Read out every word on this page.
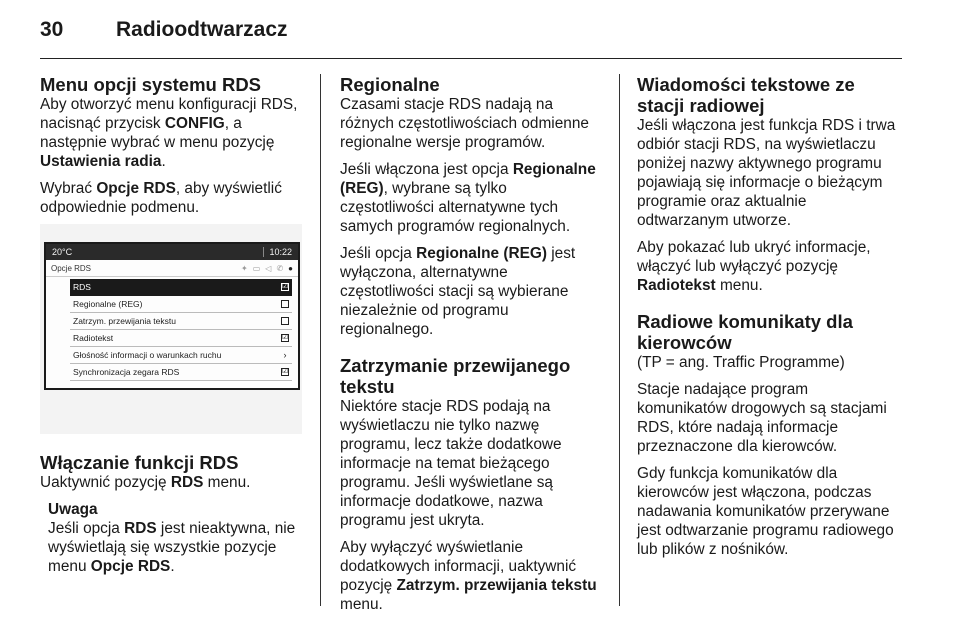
30	Radioodtwarzacz
Menu opcji systemu RDS

Aby otworzyć menu konfiguracji RDS, nacisnąć przycisk CONFIG, a następnie wybrać w menu pozycję Ustawienia radia.

Wybrać Opcje RDS, aby wyświetlić odpowiednie podmenu.

20°C	10:22
Opcje RDS	✦ ▭ ◁ ✆ ●
RDS	☑
Regionalne (REG)
Zatrzym. przewijania tekstu
Radiotekst	☑
Głośność informacji o warunkach ruchu	›
Synchronizacja zegara RDS	☑
Włączanie funkcji RDS

Uaktywnić pozycję RDS menu.

Uwaga

Jeśli opcja RDS jest nieaktywna, nie wyświetlają się wszystkie pozycje menu Opcje RDS.

Regionalne

Czasami stacje RDS nadają na różnych częstotliwościach odmienne regionalne wersje programów.

Jeśli włączona jest opcja Regionalne (REG), wybrane są tylko częstotliwości alternatywne tych samych programów regionalnych.

Jeśli opcja Regionalne (REG) jest wyłączona, alternatywne częstotliwości stacji są wybierane niezależnie od programu regionalnego.

Zatrzymanie przewijanego tekstu

Niektóre stacje RDS podają na wyświetlaczu nie tylko nazwę programu, lecz także dodatkowe informacje na temat bieżącego programu. Jeśli wyświetlane są informacje dodatkowe, nazwa programu jest ukryta.

Aby wyłączyć wyświetlanie dodatkowych informacji, uaktywnić pozycję Zatrzym. przewijania tekstu menu.

Wiadomości tekstowe ze stacji radiowej

Jeśli włączona jest funkcja RDS i trwa odbiór stacji RDS, na wyświetlaczu poniżej nazwy aktywnego programu pojawiają się informacje o bieżącym programie oraz aktualnie odtwarzanym utworze.

Aby pokazać lub ukryć informacje, włączyć lub wyłączyć pozycję Radiotekst menu.

Radiowe komunikaty dla kierowców

(TP = ang. Traffic Programme)

Stacje nadające program komunikatów drogowych są stacjami RDS, które nadają informacje przeznaczone dla kierowców.

Gdy funkcja komunikatów dla kierowców jest włączona, podczas nadawania komunikatów przerywane jest odtwarzanie programu radiowego lub plików z nośników.
